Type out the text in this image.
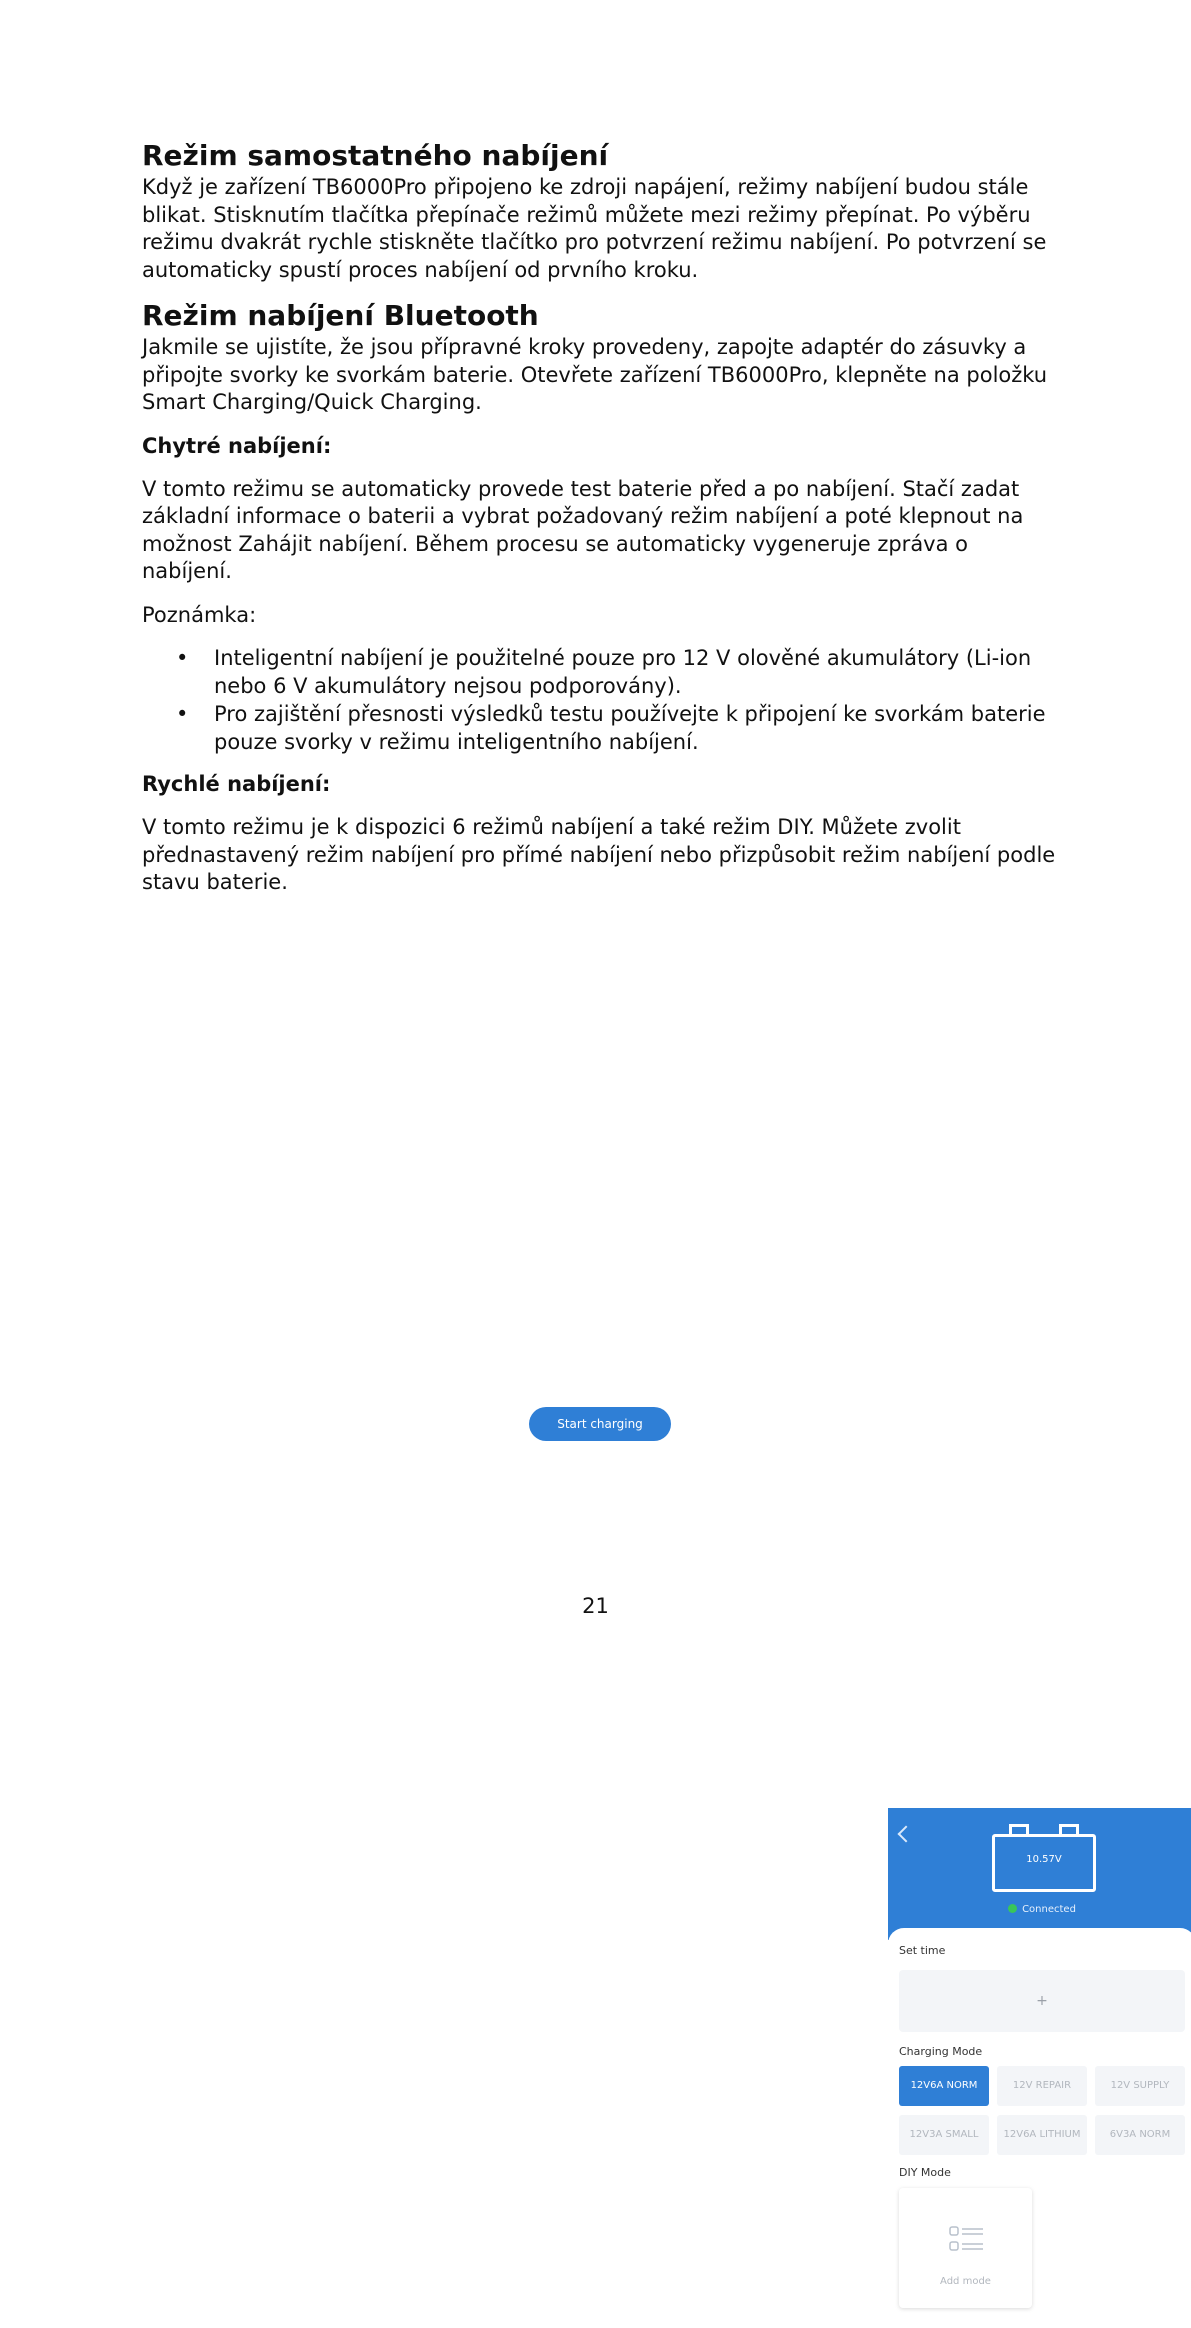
Režim samostatného nabíjení

Když je zařízení TB6000Pro připojeno ke zdroji napájení, režimy nabíjení budou stále blikat. Stisknutím tlačítka přepínače režimů můžete mezi režimy přepínat. Po výběru režimu dvakrát rychle stiskněte tlačítko pro potvrzení režimu nabíjení. Po potvrzení se automaticky spustí proces nabíjení od prvního kroku.

Režim nabíjení Bluetooth

Jakmile se ujistíte, že jsou přípravné kroky provedeny, zapojte adaptér do zásuvky a připojte svorky ke svorkám baterie. Otevřete zařízení TB6000Pro, klepněte na položku Smart Charging/Quick Charging.

Chytré nabíjení:

V tomto režimu se automaticky provede test baterie před a po nabíjení. Stačí zadat základní informace o baterii a vybrat požadovaný režim nabíjení a poté klepnout na možnost Zahájit nabíjení. Během procesu se automaticky vygeneruje zpráva o nabíjení.

Poznámka:

• Inteligentní nabíjení je použitelné pouze pro 12 V olověné akumulátory (Li-ion nebo 6 V akumulátory nejsou podporovány).
• Pro zajištění přesnosti výsledků testu používejte k připojení ke svorkám baterie pouze svorky v režimu inteligentního nabíjení.
Rychlé nabíjení:

V tomto režimu je k dispozici 6 režimů nabíjení a také režim DIY. Můžete zvolit přednastavený režim nabíjení pro přímé nabíjení nebo přizpůsobit režim nabíjení podle stavu baterie.

10.57V
Connected
Set time
+
Charging Mode
12V6A NORM	12V REPAIR	12V SUPPLY
12V3A SMALL	12V6A LITHIUM	6V3A NORM
DIY Mode
Add mode
Start charging
21
